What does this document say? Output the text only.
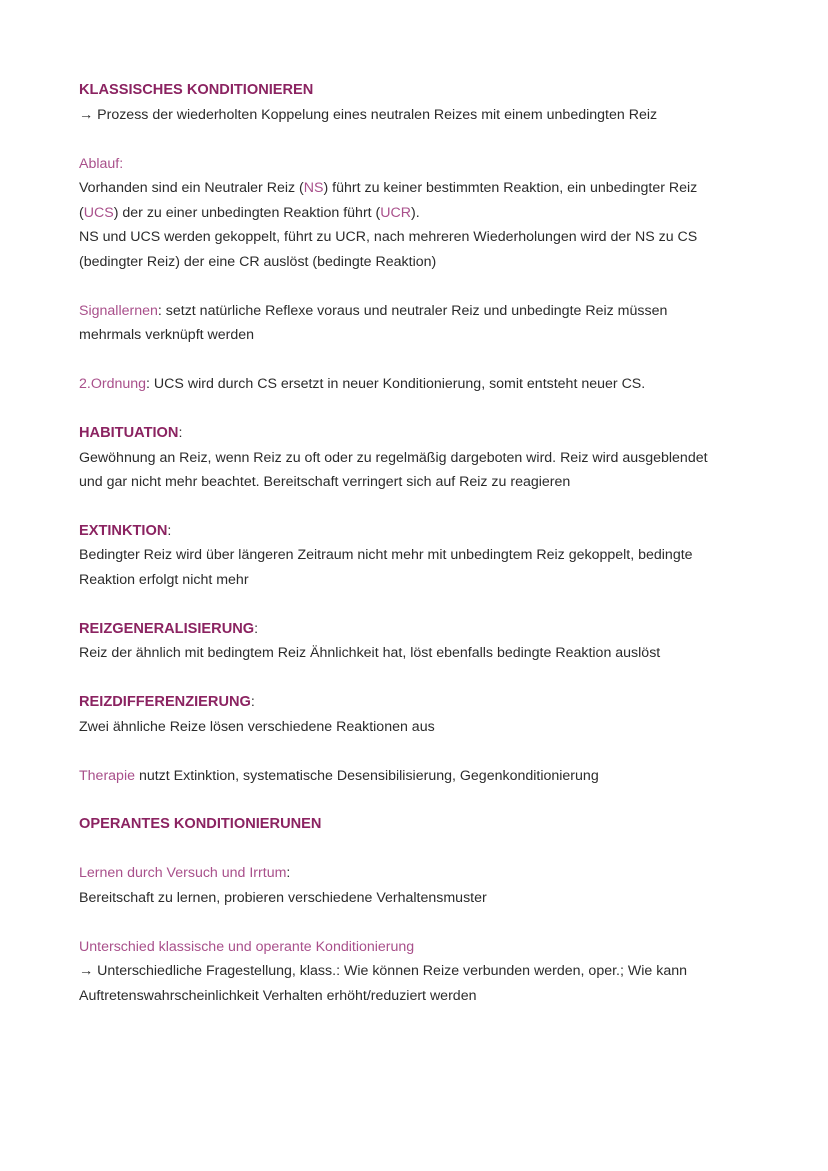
KLASSISCHES KONDITIONIEREN
→ Prozess der wiederholten Koppelung eines neutralen Reizes mit einem unbedingten Reiz
Ablauf:
Vorhanden sind ein Neutraler Reiz (NS) führt zu keiner bestimmten Reaktion, ein unbedingter Reiz
(UCS) der zu einer unbedingten Reaktion führt (UCR).
NS und UCS werden gekoppelt, führt zu UCR, nach mehreren Wiederholungen wird der NS zu CS
(bedingter Reiz) der eine CR auslöst (bedingte Reaktion)
Signallernen: setzt natürliche Reflexe voraus und neutraler Reiz und unbedingte Reiz müssen
mehrmals verknüpft werden
2.Ordnung: UCS wird durch CS ersetzt in neuer Konditionierung, somit entsteht neuer CS.
HABITUATION:
Gewöhnung an Reiz, wenn Reiz zu oft oder zu regelmäßig dargeboten wird. Reiz wird ausgeblendet
und gar nicht mehr beachtet. Bereitschaft verringert sich auf Reiz zu reagieren
EXTINKTION:
Bedingter Reiz wird über längeren Zeitraum nicht mehr mit unbedingtem Reiz gekoppelt, bedingte
Reaktion erfolgt nicht mehr
REIZGENERALISIERUNG:
Reiz der ähnlich mit bedingtem Reiz Ähnlichkeit hat, löst ebenfalls bedingte Reaktion auslöst
REIZDIFFERENZIERUNG:
Zwei ähnliche Reize lösen verschiedene Reaktionen aus
Therapie nutzt Extinktion, systematische Desensibilisierung, Gegenkonditionierung
OPERANTES KONDITIONIERUNEN
Lernen durch Versuch und Irrtum:
Bereitschaft zu lernen, probieren verschiedene Verhaltensmuster
Unterschied klassische und operante Konditionierung
→ Unterschiedliche Fragestellung, klass.: Wie können Reize verbunden werden, oper.; Wie kann
Auftretenswahrscheinlichkeit Verhalten erhöht/reduziert werden
